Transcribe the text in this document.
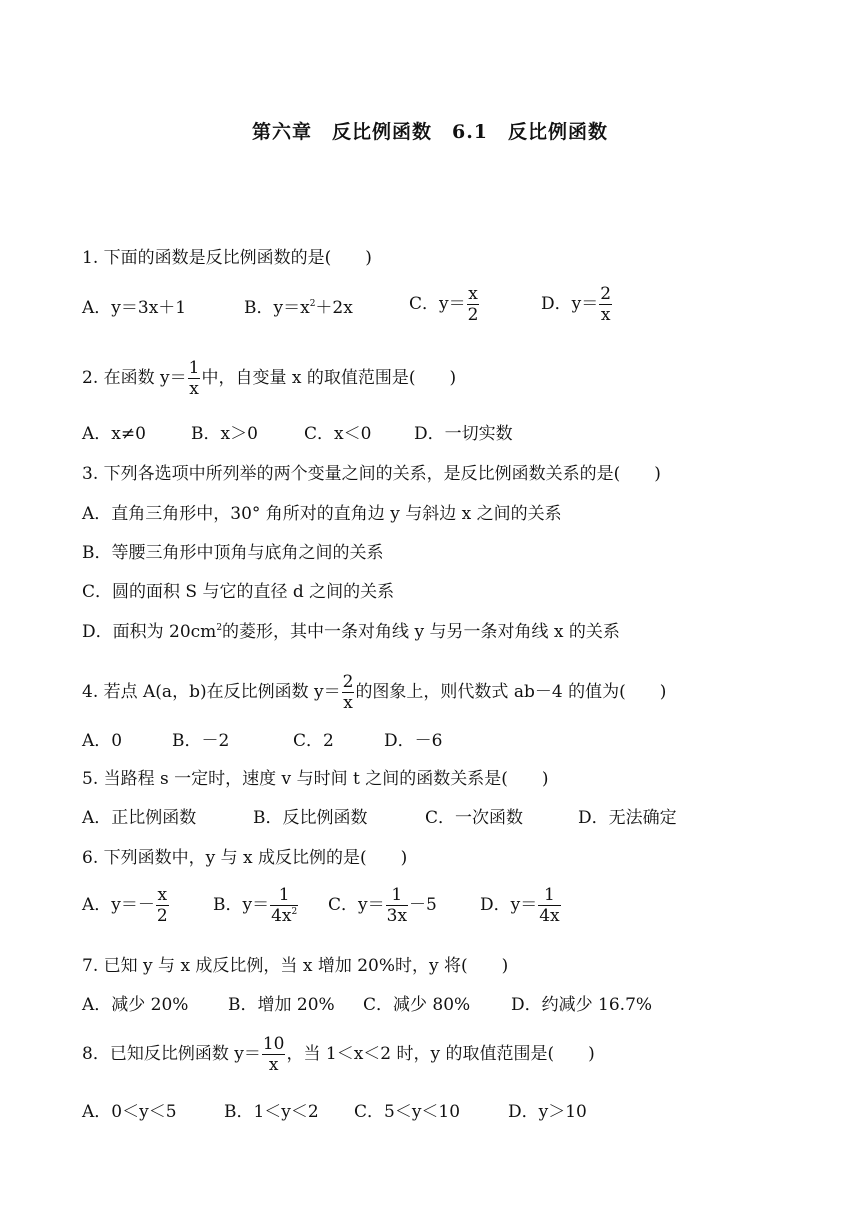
第六章　反比例函数　6.1　反比例函数
1. 下面的函数是反比例函数的是(　　)
A．y＝3x＋1	B．$y=x^2+2x$	C．$y= \frac{x}{2}$	D．$y= \frac{2}{x}$
2. 在函数 $y= \frac{1}{x}$ 中，自变量 x 的取值范围是(　　)
A．x≠0	B．x＞0	C．x＜0	D．一切实数
3. 下列各选项中所列举的两个变量之间的关系，是反比例函数关系的是(　　)
A．直角三角形中，30° 角所对的直角边 y 与斜边 x 之间的关系
B．等腰三角形中顶角与底角之间的关系
C．圆的面积 S 与它的直径 d 之间的关系
D．面积为 $20cm^2$的菱形，其中一条对角线 y 与另一条对角线 x 的关系
4. 若点 A(a，b)在反比例函数 $y= \frac{2}{x}$ 的图象上，则代数式 ab－4 的值为(　　)
A．0	B．－2	C．2	D．－6
5. 当路程 s 一定时，速度 v 与时间 t 之间的函数关系是(　　)
A．正比例函数	B．反比例函数	C．一次函数	D．无法确定
6. 下列函数中，y 与 x 成反比例的是(　　)
A．$y=- \frac{x}{2}$	B．$y= \frac{1}{4x^2}$ C．$y= \frac{1}{3x} -5$	D．$y= \frac{1}{4x}$
7. 已知 y 与 x 成反比例，当 x 增加 20%时，y 将(　　)
A．减少 20% B．增加 20% C．减少 80% D．约减少 16.7%
8．已知反比例函数 $y= \frac{10}{x}$ ，当 1＜x＜2 时，y 的取值范围是(　　)
A．0＜y＜5	B．1＜y＜2 C．5＜y＜10	D．y＞10
